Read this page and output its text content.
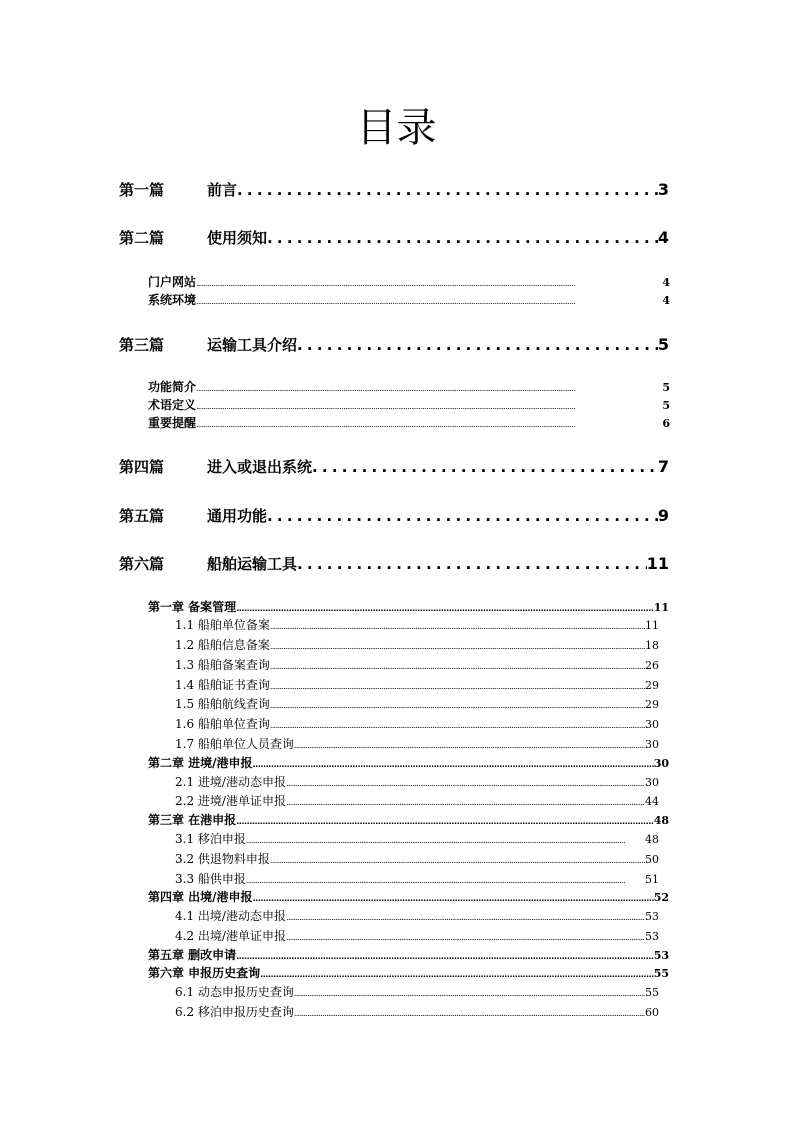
目录
第一篇	前言 . . .	3
第二篇	使用须知 . . .	4
门户网站 . . .	4
系统环境 . . .	4
第三篇	运输工具介绍 . . .	5
功能简介 . . .	5
术语定义 . . .	5
重要提醒 . . .	6
第四篇	进入或退出系统 . . .	7
第五篇	通用功能 . . .	9
第六篇	船舶运输工具 . . .	11
第一章 备案管理 . . .	11
1.1 船舶单位备案 . . .	11
1.2 船舶信息备案 . . .	18
1.3 船舶备案查询 . . .	26
1.4 船舶证书查询 . . .	29
1.5 船舶航线查询 . . .	29
1.6 船舶单位查询 . . .	30
1.7 船舶单位人员查询 . . .	30
第二章 进境/港申报 . . .	30
2.1 进境/港动态申报 . . .	30
2.2 进境/港单证申报 . . .	44
第三章 在港申报 . . .	48
3.1 移泊申报 . . .	48
3.2 供退物料申报 . . .	50
3.3 船供申报 . . .	51
第四章 出境/港申报 . . .	52
4.1 出境/港动态申报 . . .	53
4.2 出境/港单证申报 . . .	53
第五章 删改申请 . . .	53
第六章 申报历史查询 . . .	55
6.1 动态申报历史查询 . . .	55
6.2 移泊申报历史查询 . . .	60
